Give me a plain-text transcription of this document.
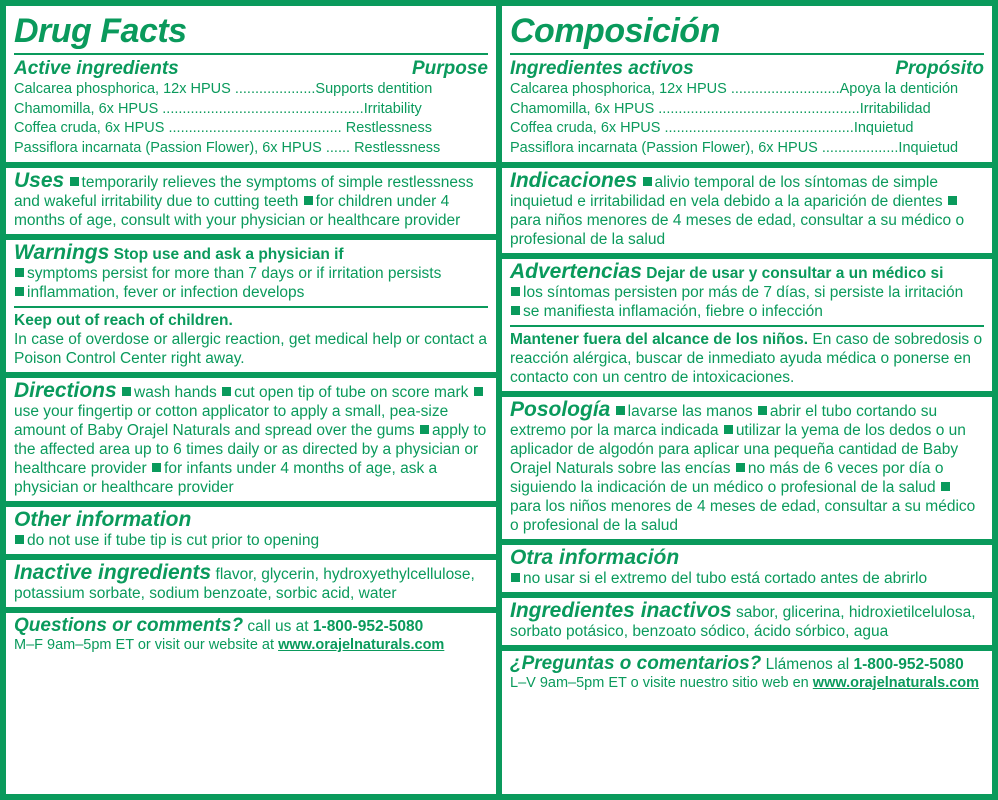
Drug Facts
Active ingredients	Purpose
Calcarea phosphorica, 12x HPUS ....................Supports dentition
Chamomilla, 6x HPUS ..................................................Irritability
Coffea cruda, 6x HPUS ........................................... Restlessness
Passiflora incarnata (Passion Flower), 6x HPUS ...... Restlessness
Uses temporarily relieves the symptoms of simple restlessness and wakeful irritability due to cutting teeth for children under 4 months of age, consult with your physician or healthcare provider
Warnings Stop use and ask a physician if
symptoms persist for more than 7 days or if irritation persists
inflammation, fever or infection develops
Keep out of reach of children.
In case of overdose or allergic reaction, get medical help or contact a Poison Control Center right away.
Directions wash hands cut open tip of tube on score mark use your fingertip or cotton applicator to apply a small, pea-size amount of Baby Orajel Naturals and spread over the gums apply to the affected area up to 6 times daily or as directed by a physician or healthcare provider for infants under 4 months of age, ask a physician or healthcare provider
Other information
do not use if tube tip is cut prior to opening
Inactive ingredients flavor, glycerin, hydroxyethylcellulose, potassium sorbate, sodium benzoate, sorbic acid, water
Questions or comments? call us at 1-800-952-5080
M–F 9am–5pm ET or visit our website at www.orajelnaturals.com
Composición
Ingredientes activos	Propósito
Calcarea phosphorica, 12x HPUS ...........................Apoya la dentición
Chamomilla, 6x HPUS ..................................................Irritabilidad
Coffea cruda, 6x HPUS ...............................................Inquietud
Passiflora incarnata (Passion Flower), 6x HPUS ...................Inquietud
Indicaciones alivio temporal de los síntomas de simple inquietud e irritabilidad en vela debido a la aparición de dientes para niños menores de 4 meses de edad, consultar a su médico o profesional de la salud
Advertencias Dejar de usar y consultar a un médico si
los síntomas persisten por más de 7 días, si persiste la irritación
se manifiesta inflamación, fiebre o infección
Mantener fuera del alcance de los niños. En caso de sobredosis o reacción alérgica, buscar de inmediato ayuda médica o ponerse en contacto con un centro de intoxicaciones.
Posología lavarse las manos abrir el tubo cortando su extremo por la marca indicada utilizar la yema de los dedos o un aplicador de algodón para aplicar una pequeña cantidad de Baby Orajel Naturals sobre las encías no más de 6 veces por día o siguiendo la indicación de un médico o profesional de la salud para los niños menores de 4 meses de edad, consultar a su médico o profesional de la salud
Otra información
no usar si el extremo del tubo está cortado antes de abrirlo
Ingredientes inactivos sabor, glicerina, hidroxietilcelulosa, sorbato potásico, benzoato sódico, ácido sórbico, agua
¿Preguntas o comentarios? Llámenos al 1-800-952-5080
L–V 9am–5pm ET o visite nuestro sitio web en www.orajelnaturals.com
